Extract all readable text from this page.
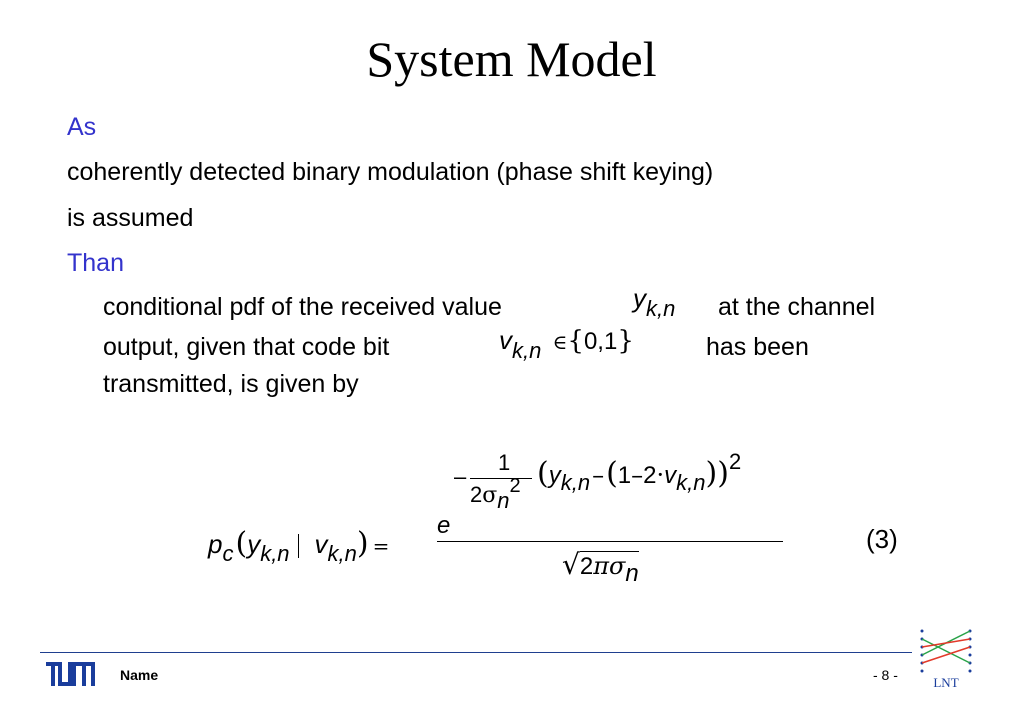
System Model
As
coherently detected binary modulation (phase shift keying)
is assumed
Than
conditional pdf of the received value	$y_{k,n}$ at the channel
output, given that code bit	$v_{k,n}$ ∈{0,1}	has been
transmitted, is given by
$p_c(y_{k,n}$ $v_{k,n}$) =
e
–
1
2σn2 (yk,n–(1–2·vk,n))2
√2πσn
(3)
Name	- 8 -	LNT
